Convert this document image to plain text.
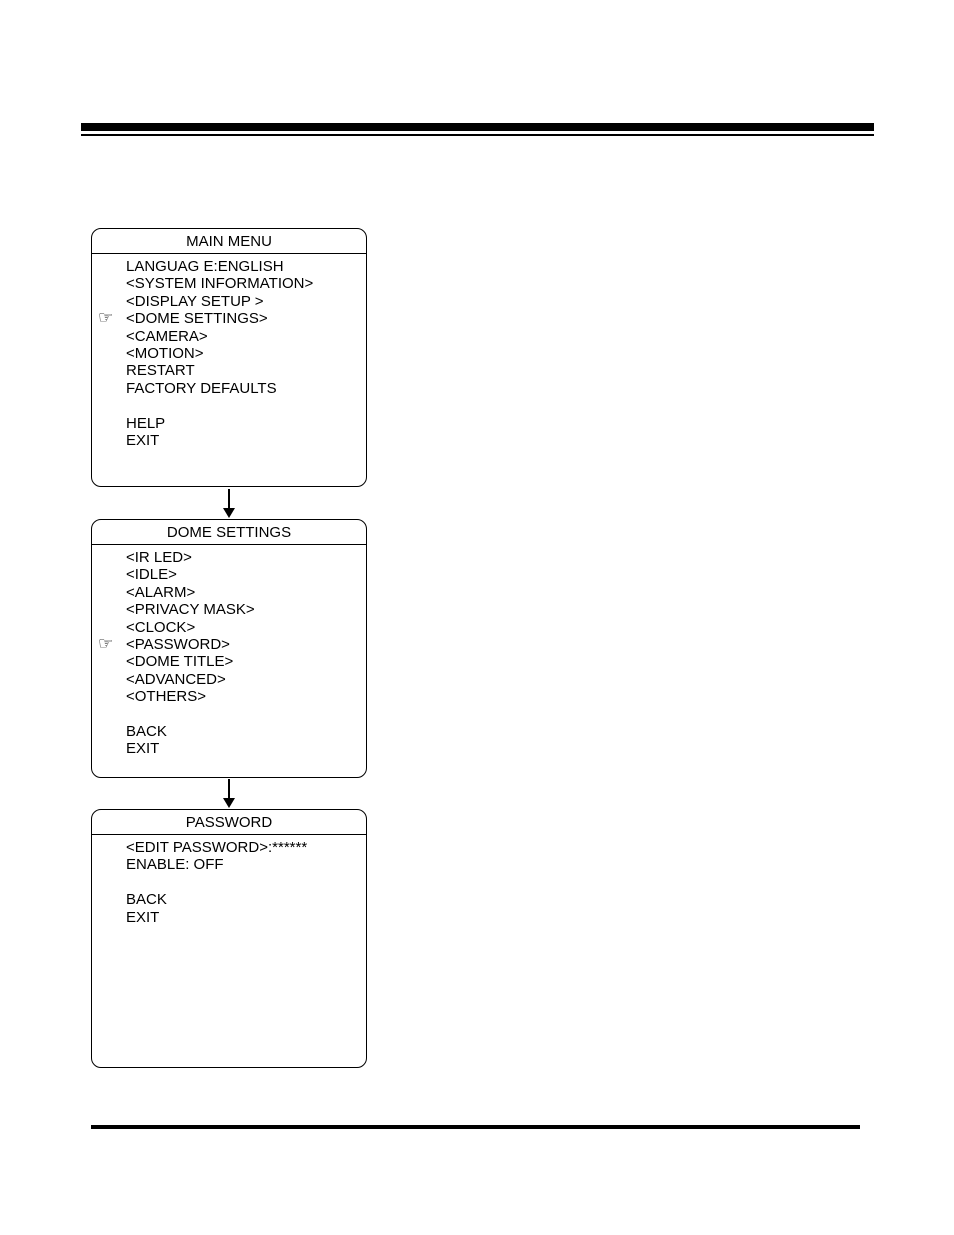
MAIN MENU
LANGUAG E:ENGLISH
<SYSTEM INFORMATION>
<DISPLAY SETUP >
☞ <DOME SETTINGS>
<CAMERA>
<MOTION>
RESTART
FACTORY DEFAULTS
HELP
EXIT
DOME SETTINGS
<IR LED>
<IDLE>
<ALARM>
<PRIVACY MASK>
<CLOCK>
☞ <PASSWORD>
<DOME TITLE>
<ADVANCED>
<OTHERS>
BACK
EXIT
PASSWORD
<EDIT PASSWORD>:******
ENABLE: OFF
BACK
EXIT
